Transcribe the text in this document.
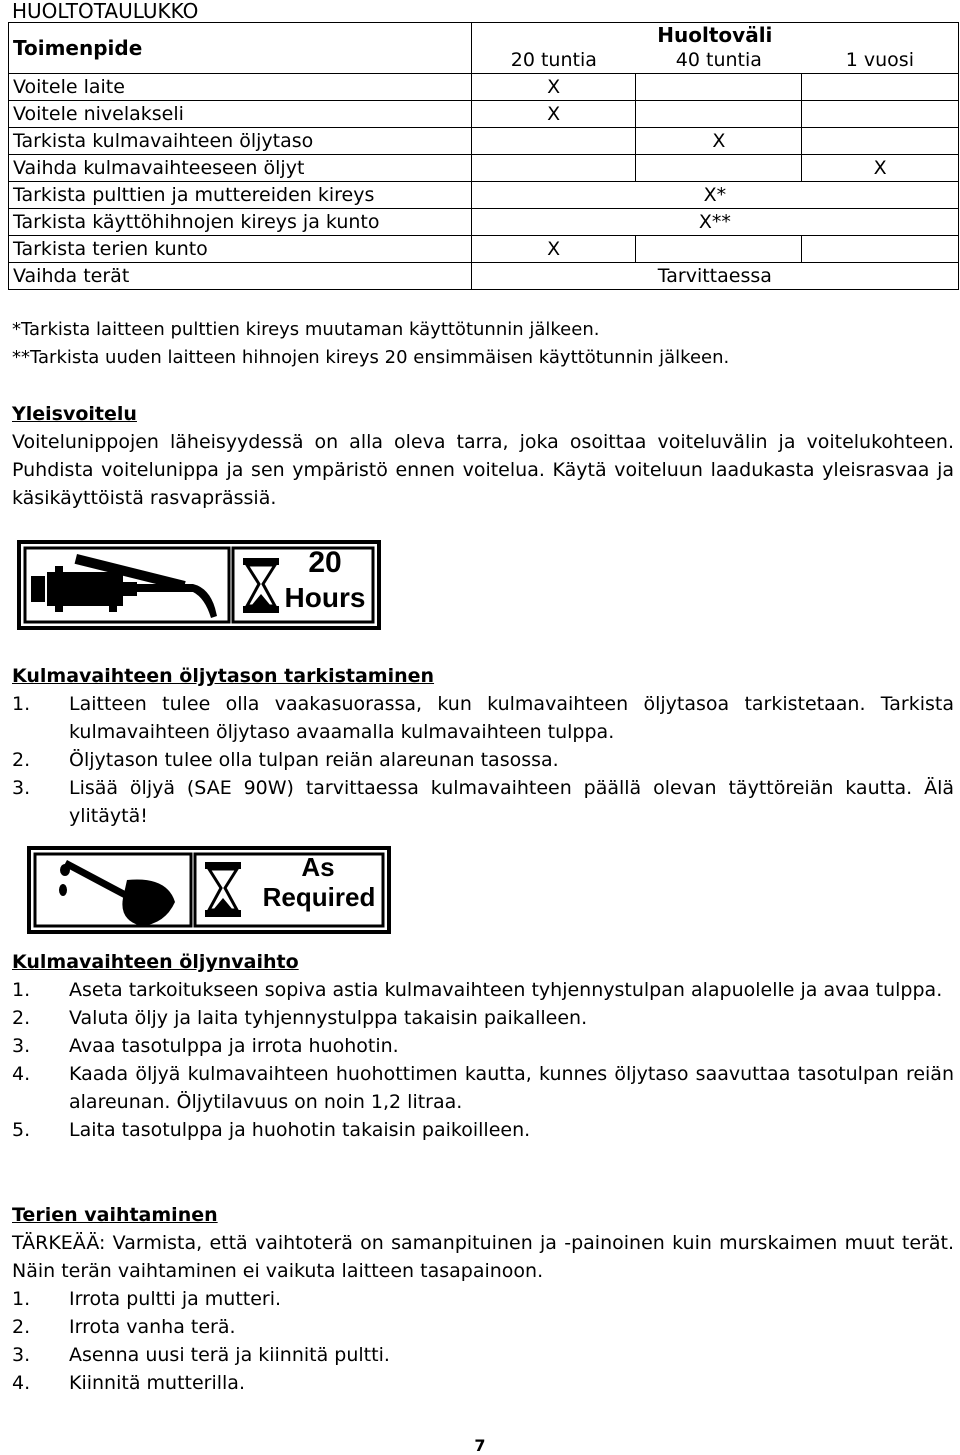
HUOLTOTAULUKKO
Toimenpide	Huoltoväli		
	20 tuntia	40 tuntia	1 vuosi
Voitele laite	X		
Voitele nivelakseli	X		
Tarkista kulmavaihteen öljytaso		X	
Vaihda kulmavaihteeseen öljyt			X
Tarkista pulttien ja muttereiden kireys	X*		
Tarkista käyttöhihnojen kireys ja kunto	X**		
Tarkista terien kunto	X		
Vaihda terät	Tarvittaessa		
*Tarkista laitteen pulttien kireys muutaman käyttötunnin jälkeen.
**Tarkista uuden laitteen hihnojen kireys 20 ensimmäisen käyttötunnin jälkeen.
Yleisvoitelu
Voitelunippojen läheisyydessä on alla oleva tarra, joka osoittaa voiteluvälin ja voitelukohteen. Puhdista voitelunippa ja sen ympäristö ennen voitelua. Käytä voiteluun laadukasta yleisrasvaa ja käsikäyttöistä rasvaprässiä.
20
Hours
Kulmavaihteen öljytason tarkistaminen
1. Laitteen tulee olla vaakasuorassa, kun kulmavaihteen öljytasoa tarkistetaan. Tarkista kulmavaihteen öljytaso avaamalla kulmavaihteen tulppa.
2. Öljytason tulee olla tulpan reiän alareunan tasossa.
3. Lisää öljyä (SAE 90W) tarvittaessa kulmavaihteen päällä olevan täyttöreiän kautta. Älä ylitäytä!
As
Required
Kulmavaihteen öljynvaihto
1. Aseta tarkoitukseen sopiva astia kulmavaihteen tyhjennystulpan alapuolelle ja avaa tulppa.
2. Valuta öljy ja laita tyhjennystulppa takaisin paikalleen.
3. Avaa tasotulppa ja irrota huohotin.
4. Kaada öljyä kulmavaihteen huohottimen kautta, kunnes öljytaso saavuttaa tasotulpan reiän alareunan. Öljytilavuus on noin 1,2 litraa.
5. Laita tasotulppa ja huohotin takaisin paikoilleen.
Terien vaihtaminen
TÄRKEÄÄ: Varmista, että vaihtoterä on samanpituinen ja -painoinen kuin murskaimen muut terät. Näin terän vaihtaminen ei vaikuta laitteen tasapainoon.
1. Irrota pultti ja mutteri.
2. Irrota vanha terä.
3. Asenna uusi terä ja kiinnitä pultti.
4. Kiinnitä mutterilla.
7
